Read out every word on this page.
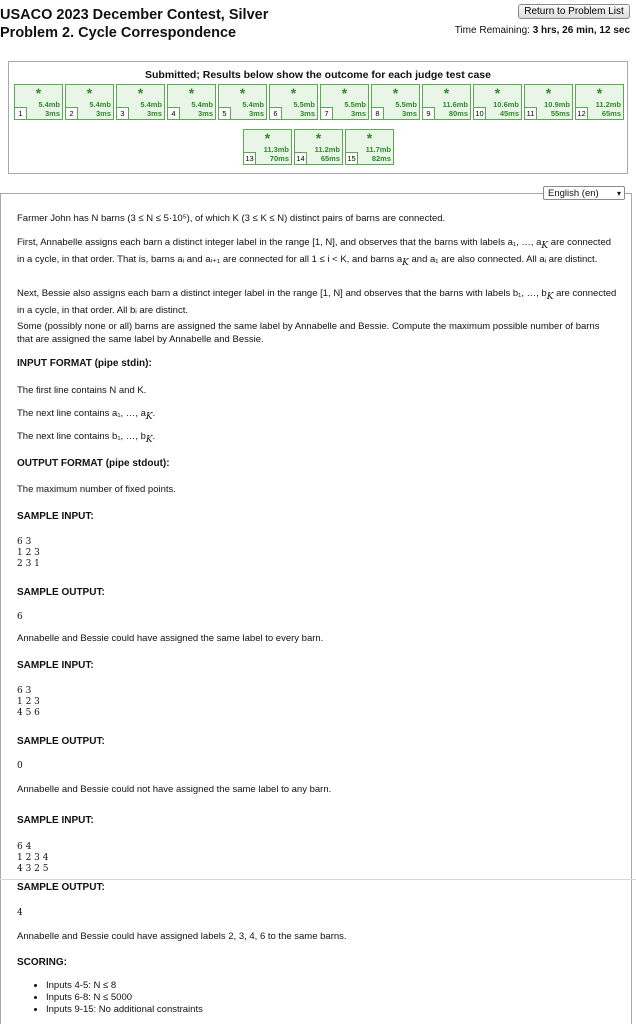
USACO 2023 December Contest, Silver
Problem 2. Cycle Correspondence
Return to Problem List
Time Remaining: 3 hrs, 26 min, 12 sec
Submitted; Results below show the outcome for each judge test case
*
5.4mb
1	3ms
*
5.4mb
2	3ms
*
5.4mb
3	3ms
*
5.4mb
4	3ms
*
5.4mb
5	3ms
*
5.5mb
6	3ms
*
5.5mb
7	3ms
*
5.5mb
8	3ms
*
11.6mb
9	80ms
*
10.6mb
10	45ms
*
10.9mb
11	55ms
*
11.2mb
12	65ms
*
11.3mb
13	70ms
*
11.2mb
14	65ms
*
11.7mb
15	82ms
English (en) ▾
Farmer John has N barns (3 ≤ N ≤ 5·10⁵), of which K (3 ≤ K ≤ N) distinct pairs of barns are connected.
First, Annabelle assigns each barn a distinct integer label in the range [1, N], and observes that the barns with labels a₁, …, $a_K$ are connected in a cycle, in that order. That is, barns aᵢ and aᵢ₊₁ are connected for all 1 ≤ i < K, and barns $a_K$ and a₁ are also connected. All aᵢ are distinct.
Next, Bessie also assigns each barn a distinct integer label in the range [1, N] and observes that the barns with labels b₁, …, $b_K$ are connected in a cycle, in that order. All bᵢ are distinct.
Some (possibly none or all) barns are assigned the same label by Annabelle and Bessie. Compute the maximum possible number of barns that are assigned the same label by Annabelle and Bessie.
INPUT FORMAT (pipe stdin):
The first line contains N and K.
The next line contains a₁, …, $a_K$.
The next line contains b₁, …, $b_K$.
OUTPUT FORMAT (pipe stdout):
The maximum number of fixed points.
SAMPLE INPUT:
6 3
1 2 3
2 3 1
SAMPLE OUTPUT:
6
Annabelle and Bessie could have assigned the same label to every barn.
SAMPLE INPUT:
6 3
1 2 3
4 5 6
SAMPLE OUTPUT:
0
Annabelle and Bessie could not have assigned the same label to any barn.
SAMPLE INPUT:
6 4
1 2 3 4
4 3 2 5
SAMPLE OUTPUT:
4
Annabelle and Bessie could have assigned labels 2, 3, 4, 6 to the same barns.
SCORING:
• Inputs 4-5: N ≤ 8
• Inputs 6-8: N ≤ 5000
• Inputs 9-15: No additional constraints
